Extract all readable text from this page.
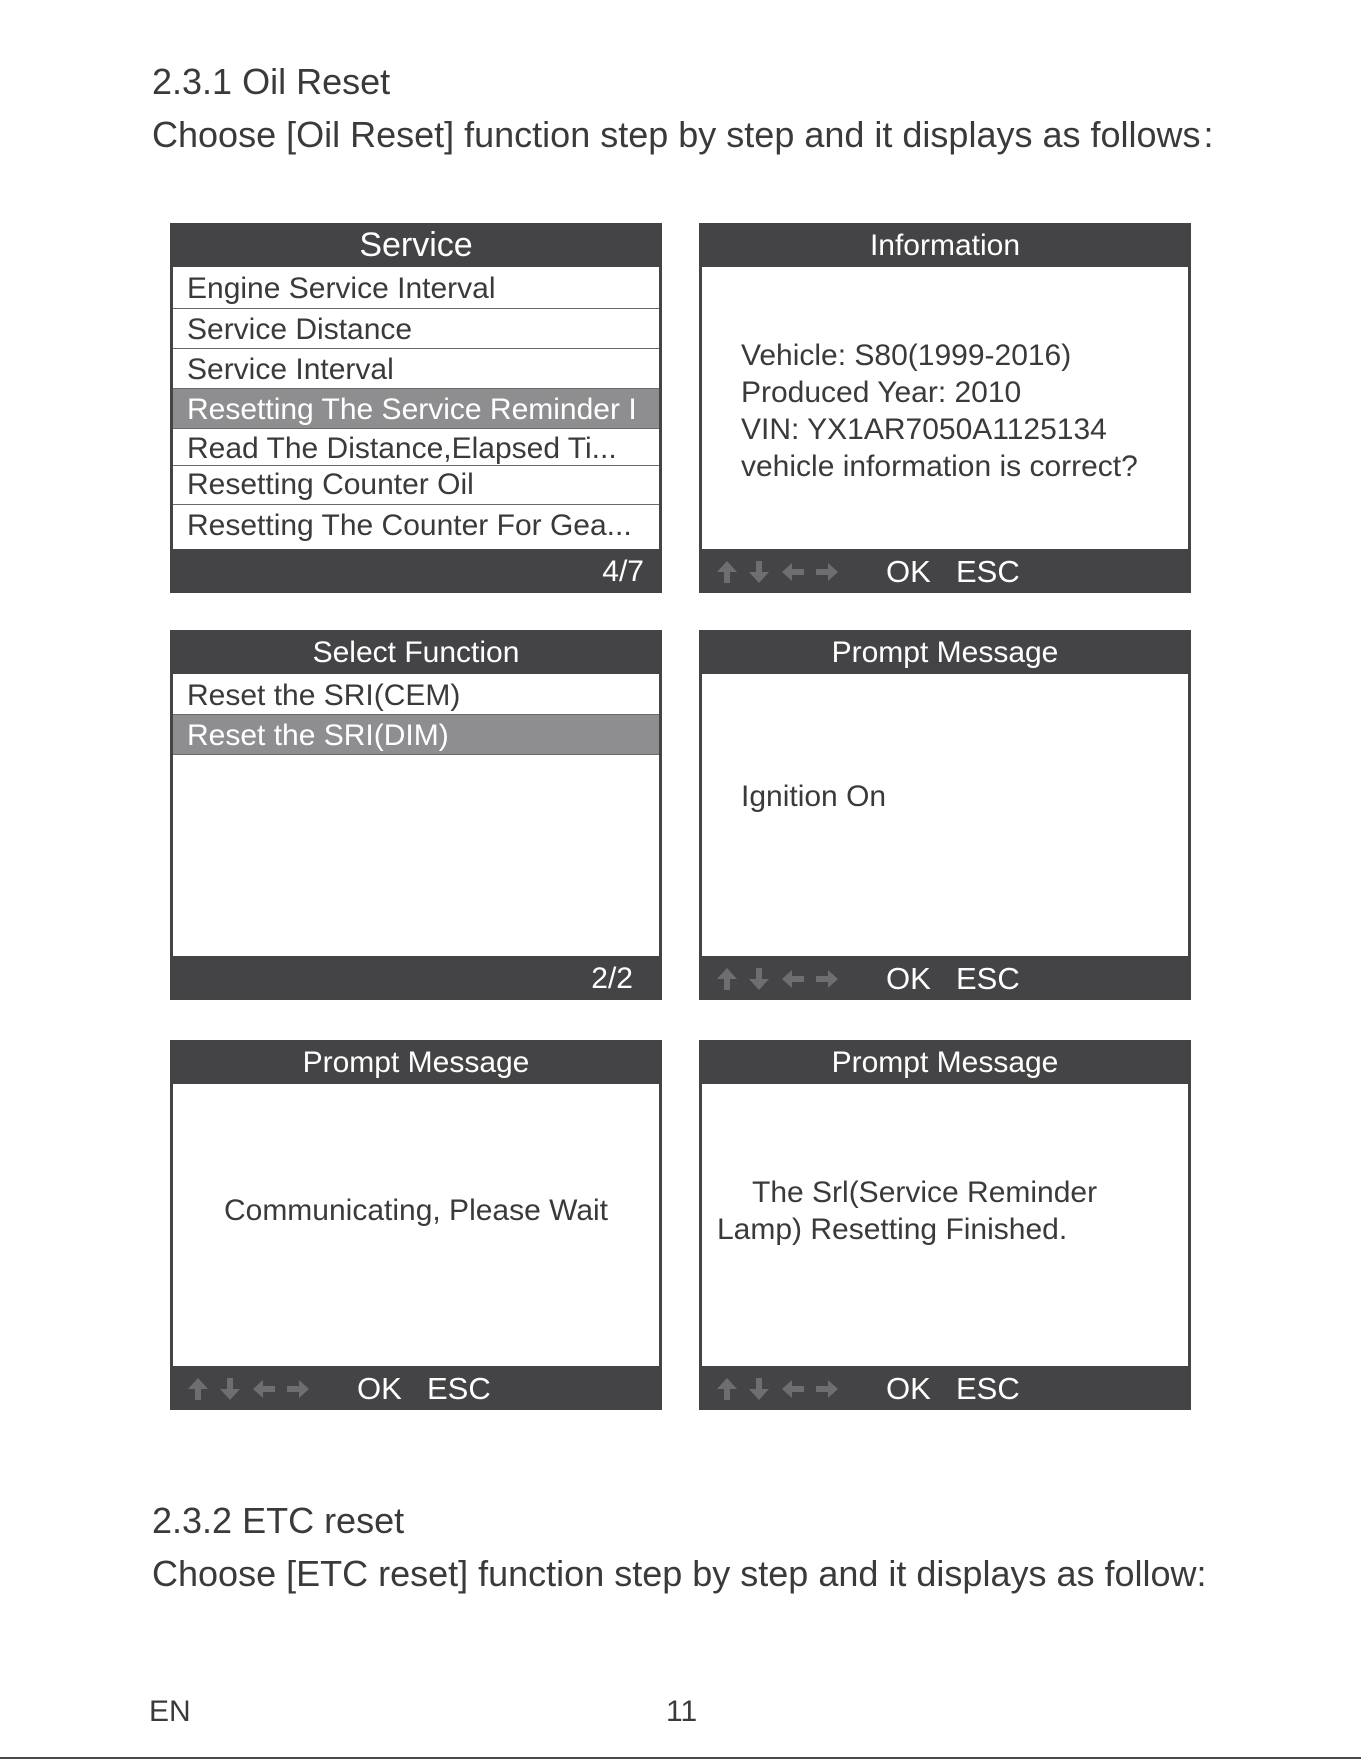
2.3.1 Oil Reset
Choose [Oil Reset] function step by step and it displays as follows :
Service
Engine Service Interval
Service Distance
Service Interval
Resetting The Service Reminder I
Read The Distance,Elapsed Ti...
Resetting Counter Oil
Resetting The Counter For Gea...
4/7
Information
Vehicle: S80(1999-2016)
Produced Year: 2010
VIN: YX1AR7050A1125134
vehicle information is correct?
OK ESC
Select Function
Reset the SRI(CEM)
Reset the SRI(DIM)
2/2
Prompt Message
Ignition On
OK ESC
Prompt Message
Communicating, Please Wait
OK ESC
Prompt Message
The Srl(Service Reminder
Lamp) Resetting Finished.
OK ESC
2.3.2 ETC reset
Choose [ETC reset] function step by step and it displays as follow:
EN	11
